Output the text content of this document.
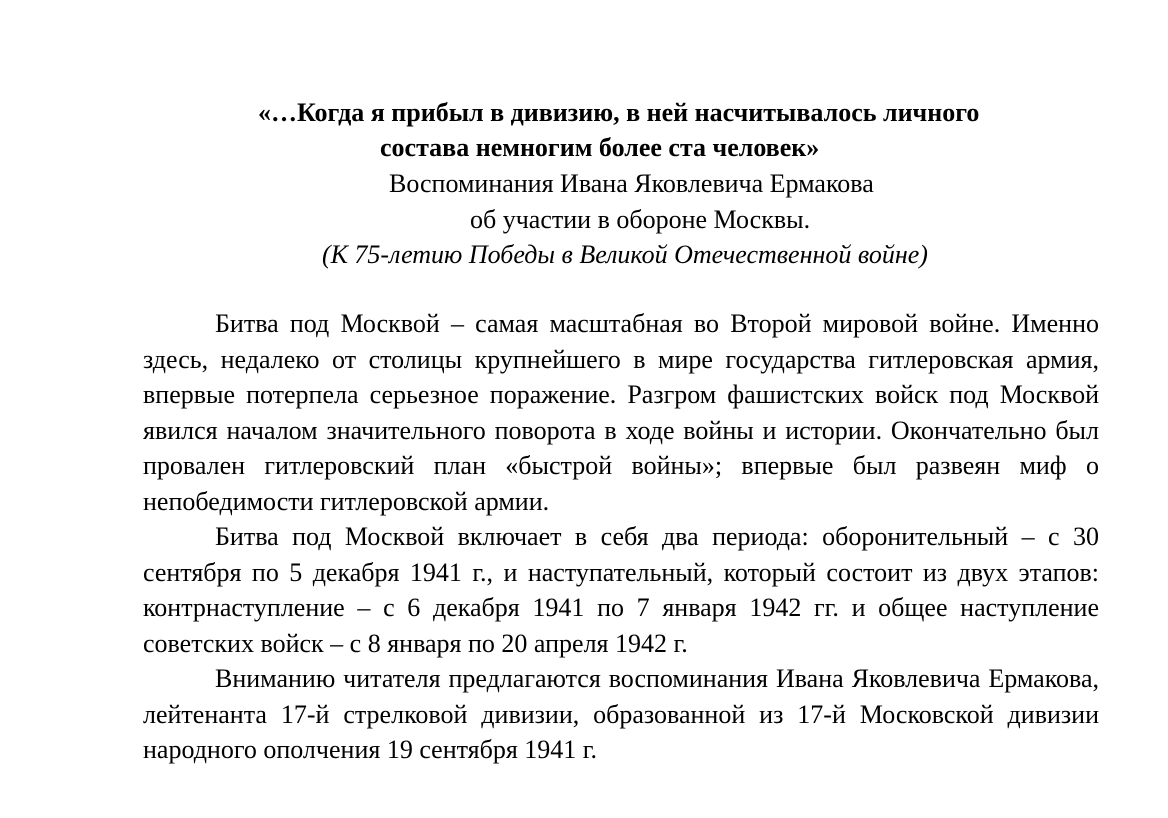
«…Когда я прибыл в дивизию, в ней насчитывалось личного
состава немногим более ста человек»
Воспоминания Ивана Яковлевича Ермакова
об участии в обороне Москвы.
(К 75-летию Победы в Великой Отечественной войне)

Битва под Москвой – самая масштабная во Второй мировой войне. Именно здесь, недалеко от столицы крупнейшего в мире государства гитлеровская армия, впервые потерпела серьезное поражение. Разгром фашистских войск под Москвой явился началом значительного поворота в ходе войны и истории. Окончательно был провален гитлеровский план «быстрой войны»; впервые был развеян миф о непобедимости гитлеровской армии.

Битва под Москвой включает в себя два периода: оборонительный – с 30 сентября по 5 декабря 1941 г., и наступательный, который состоит из двух этапов: контрнаступление – с 6 декабря 1941 по 7 января 1942 гг. и общее наступление советских войск – с 8 января по 20 апреля 1942 г.

Вниманию читателя предлагаются воспоминания Ивана Яковлевича Ермакова, лейтенанта 17-й стрелковой дивизии, образованной из 17-й Московской дивизии народного ополчения 19 сентября 1941 г.
